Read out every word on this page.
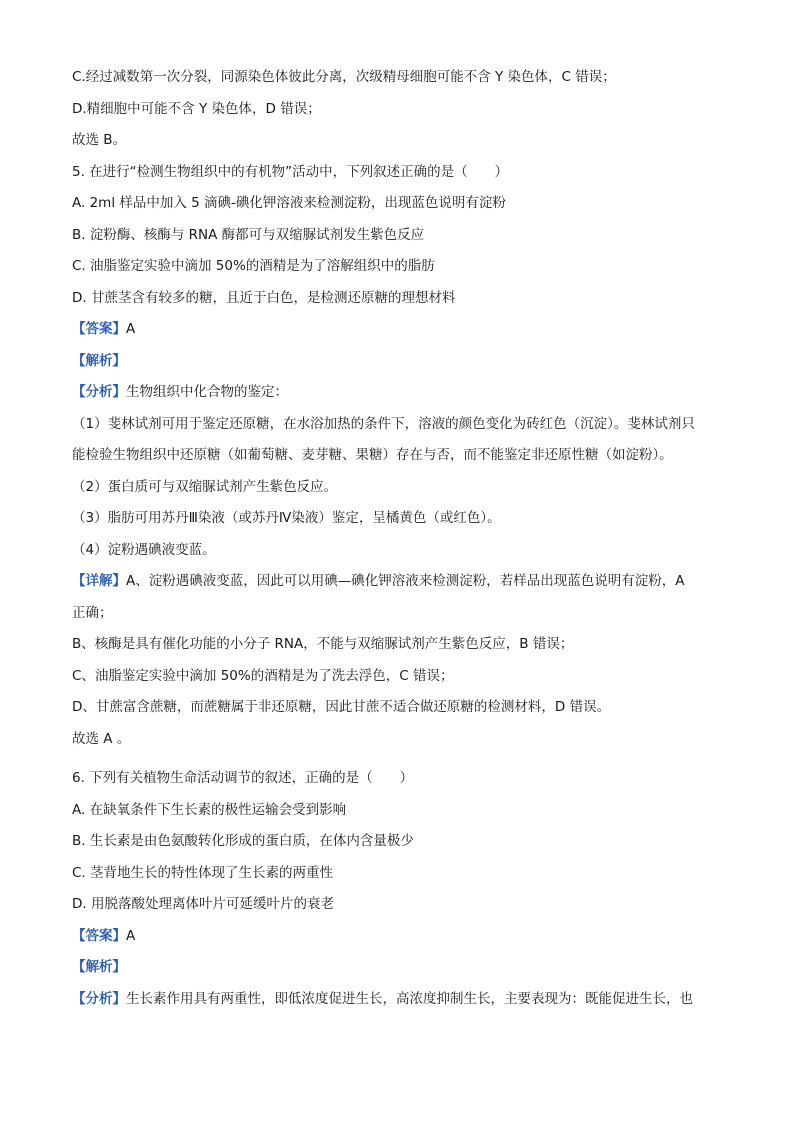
C.经过减数第一次分裂，同源染色体彼此分离，次级精母细胞可能不含 Y 染色体，C 错误；
D.精细胞中可能不含 Y 染色体，D 错误；
故选 B。
5. 在进行“检测生物组织中的有机物”活动中，下列叙述正确的是（　　）
A. 2ml 样品中加入 5 滴碘-碘化钾溶液来检测淀粉，出现蓝色说明有淀粉
B. 淀粉酶、核酶与 RNA 酶都可与双缩脲试剂发生紫色反应
C. 油脂鉴定实验中滴加 50%的酒精是为了溶解组织中的脂肪
D. 甘蔗茎含有较多的糖，且近于白色，是检测还原糖的理想材料
【答案】A
【解析】
【分析】生物组织中化合物的鉴定：
（1）斐林试剂可用于鉴定还原糖，在水浴加热的条件下，溶液的颜色变化为砖红色（沉淀）。斐林试剂只
能检验生物组织中还原糖（如葡萄糖、麦芽糖、果糖）存在与否，而不能鉴定非还原性糖（如淀粉）。
（2）蛋白质可与双缩脲试剂产生紫色反应。
（3）脂肪可用苏丹Ⅲ染液（或苏丹Ⅳ染液）鉴定，呈橘黄色（或红色）。
（4）淀粉遇碘液变蓝。
【详解】A、淀粉遇碘液变蓝，因此可以用碘—碘化钾溶液来检测淀粉，若样品出现蓝色说明有淀粉，A
正确；
B、核酶是具有催化功能的小分子 RNA，不能与双缩脲试剂产生紫色反应，B 错误；
C、油脂鉴定实验中滴加 50%的酒精是为了洗去浮色，C 错误；
D、甘蔗富含蔗糖，而蔗糖属于非还原糖，因此甘蔗不适合做还原糖的检测材料，D 错误。
故选 A 。
6. 下列有关植物生命活动调节的叙述，正确的是（　　）
A. 在缺氧条件下生长素的极性运输会受到影响
B. 生长素是由色氨酸转化形成的蛋白质，在体内含量极少
C. 茎背地生长的特性体现了生长素的两重性
D. 用脱落酸处理离体叶片可延缓叶片的衰老
【答案】A
【解析】
【分析】生长素作用具有两重性，即低浓度促进生长，高浓度抑制生长，主要表现为：既能促进生长，也
